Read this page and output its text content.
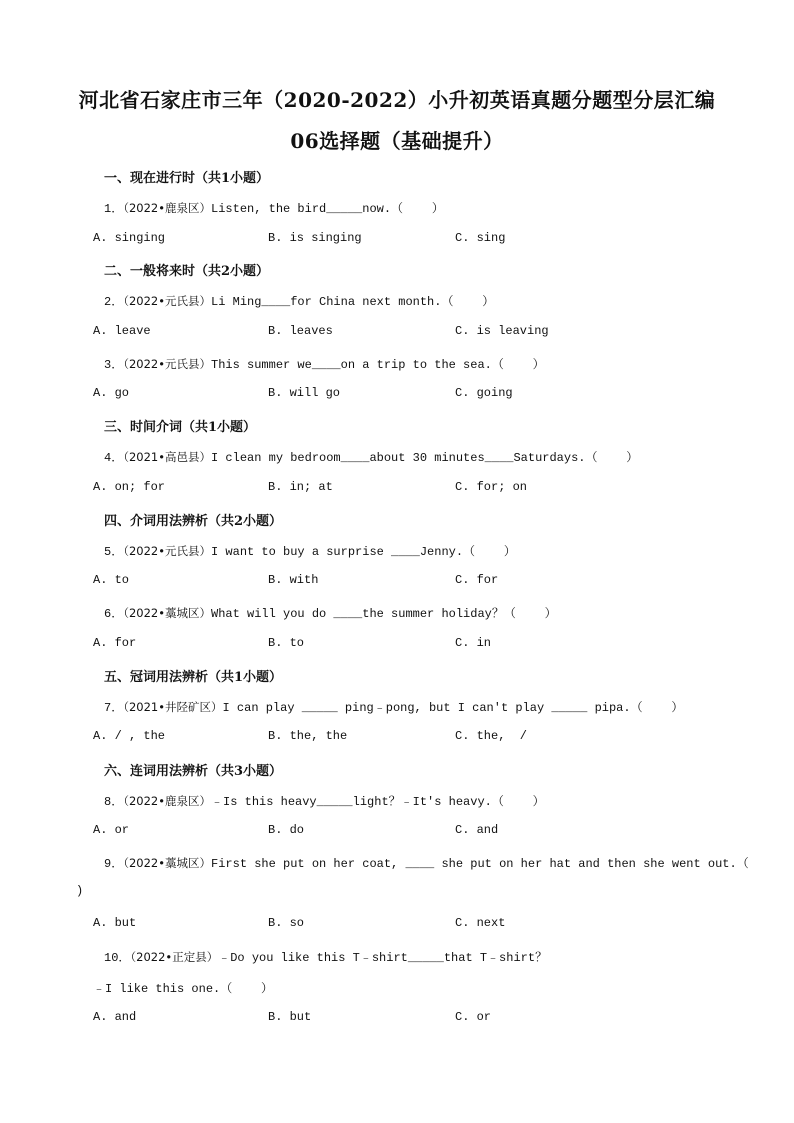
河北省石家庄市三年（2020-2022）小升初英语真题分题型分层汇编
06选择题（基础提升）
一、现在进行时（共1小题）
1．（2022•鹿泉区）Listen, the bird_____now.（    ）
A. singing	B. is singing	C. sing
二、一般将来时（共2小题）
2．（2022•元氏县）Li Ming____for China next month.（    ）
A. leave	B. leaves	C. is leaving
3．（2022•元氏县）This summer we____on a trip to the sea.（    ）
A. go	B. will go	C. going
三、时间介词（共1小题）
4．（2021•高邑县）I clean my bedroom____about 30 minutes____Saturdays.（    ）
A. on; for	B. in; at	C. for; on
四、介词用法辨析（共2小题）
5．（2022•元氏县）I want to buy a surprise ____Jenny.（    ）
A. to	B. with	C. for
6．（2022•藁城区）What will you do ____the summer holiday？（    ）
A. for	B. to	C. in
五、冠词用法辨析（共1小题）
7．（2021•井陉矿区）I can play _____ ping﹣pong, but I can't play _____ pipa.（    ）
A. / , the	B. the, the	C. the,  /
六、连词用法辨析（共3小题）
8．（2022•鹿泉区）﹣Is this heavy_____light？﹣It's heavy.（    ）
A. or	B. do	C. and
9．（2022•藁城区）First she put on her coat, ____ she put on her hat and then she went out.（
)
A. but	B. so	C. next
10．（2022•正定县）﹣Do you like this T﹣shirt_____that T﹣shirt？
﹣I like this one.（    ）
A. and	B. but	C. or
